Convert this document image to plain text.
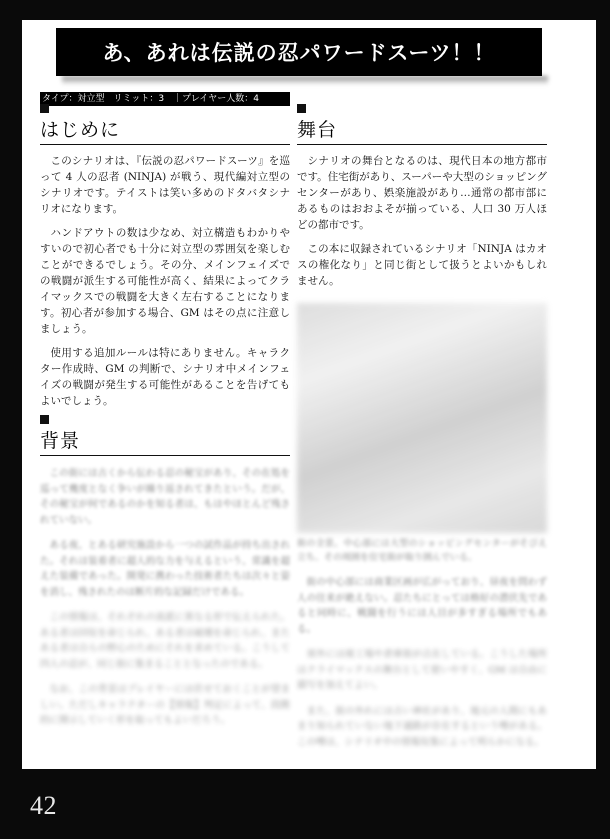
あ、あれは伝説の忍パワードスーツ！！
タイプ：対立型　リミット：3　｜プレイヤー人数：4
はじめに

このシナリオは、『伝説の忍パワードスーツ』を巡って 4 人の忍者 (NINJA) が戦う、現代編対立型のシナリオです。テイストは笑い多めのドタバタシナリオになります。

ハンドアウトの数は少なめ、対立構造もわかりやすいので初心者でも十分に対立型の雰囲気を楽しむことができるでしょう。その分、メインフェイズでの戦闘が派生する可能性が高く、結果によってクライマックスでの戦闘を大きく左右することになります。初心者が参加する場合、GM はその点に注意しましょう。

使用する追加ルールは特にありません。キャラクター作成時、GM の判断で、シナリオ中メインフェイズの戦闘が発生する可能性があることを告げてもよいでしょう。

背景

この街には古くから伝わる忍の秘宝があり、その在処を巡って幾度となく争いが繰り返されてきたという。だが、その秘宝が何であるのかを知る者は、もはやほとんど残されていない。

ある夜、とある研究施設から一つの試作品が持ち出された。それは装着者に超人的な力を与えるという、常識を超えた装備であった。開発に携わった技術者たちは次々と姿を消し、残されたのは断片的な記録だけである。

この情報は、それぞれの流派に異なる形で伝えられた。ある者は回収を命じられ、ある者は破壊を命じられ、またある者は自らの野心のためにそれを求めている。こうして四人の忍が、同じ街に集まることとなったのである。

なお、この背景はプレイヤーには伏せておくことが望ましい。ただしキャラクターの【情報】判定によって、段階的に開示していく形を取ってもよいだろう。

舞台

シナリオの舞台となるのは、現代日本の地方都市です。住宅街があり、スーパーや大型のショッピングセンターがあり、娯楽施設があり…通常の都市部にあるものはおおよそが揃っている、人口 30 万人ほどの都市です。

この本に収録されているシナリオ「NINJA はカオスの権化なり」と同じ街として扱うとよいかもしれません。

街の全景。中心部には大型のショッピングセンターがそびえ立ち、その周囲を住宅街が取り囲んでいる。

街の中心部には商業区画が広がっており、昼夜を問わず人の往来が絶えない。忍たちにとっては格好の潜伏先であると同時に、戦闘を行うには人目が多すぎる場所でもある。

郊外には廃工場や倉庫街が点在している。こうした場所はクライマックスの舞台として使いやすく、GM は自由に描写を加えてよい。

また、街の外れには古い神社があり、地元の人間にもあまり知られていない地下通路が存在するという噂がある。この噂は、シナリオ中の情報収集によって明らかになる。

42
